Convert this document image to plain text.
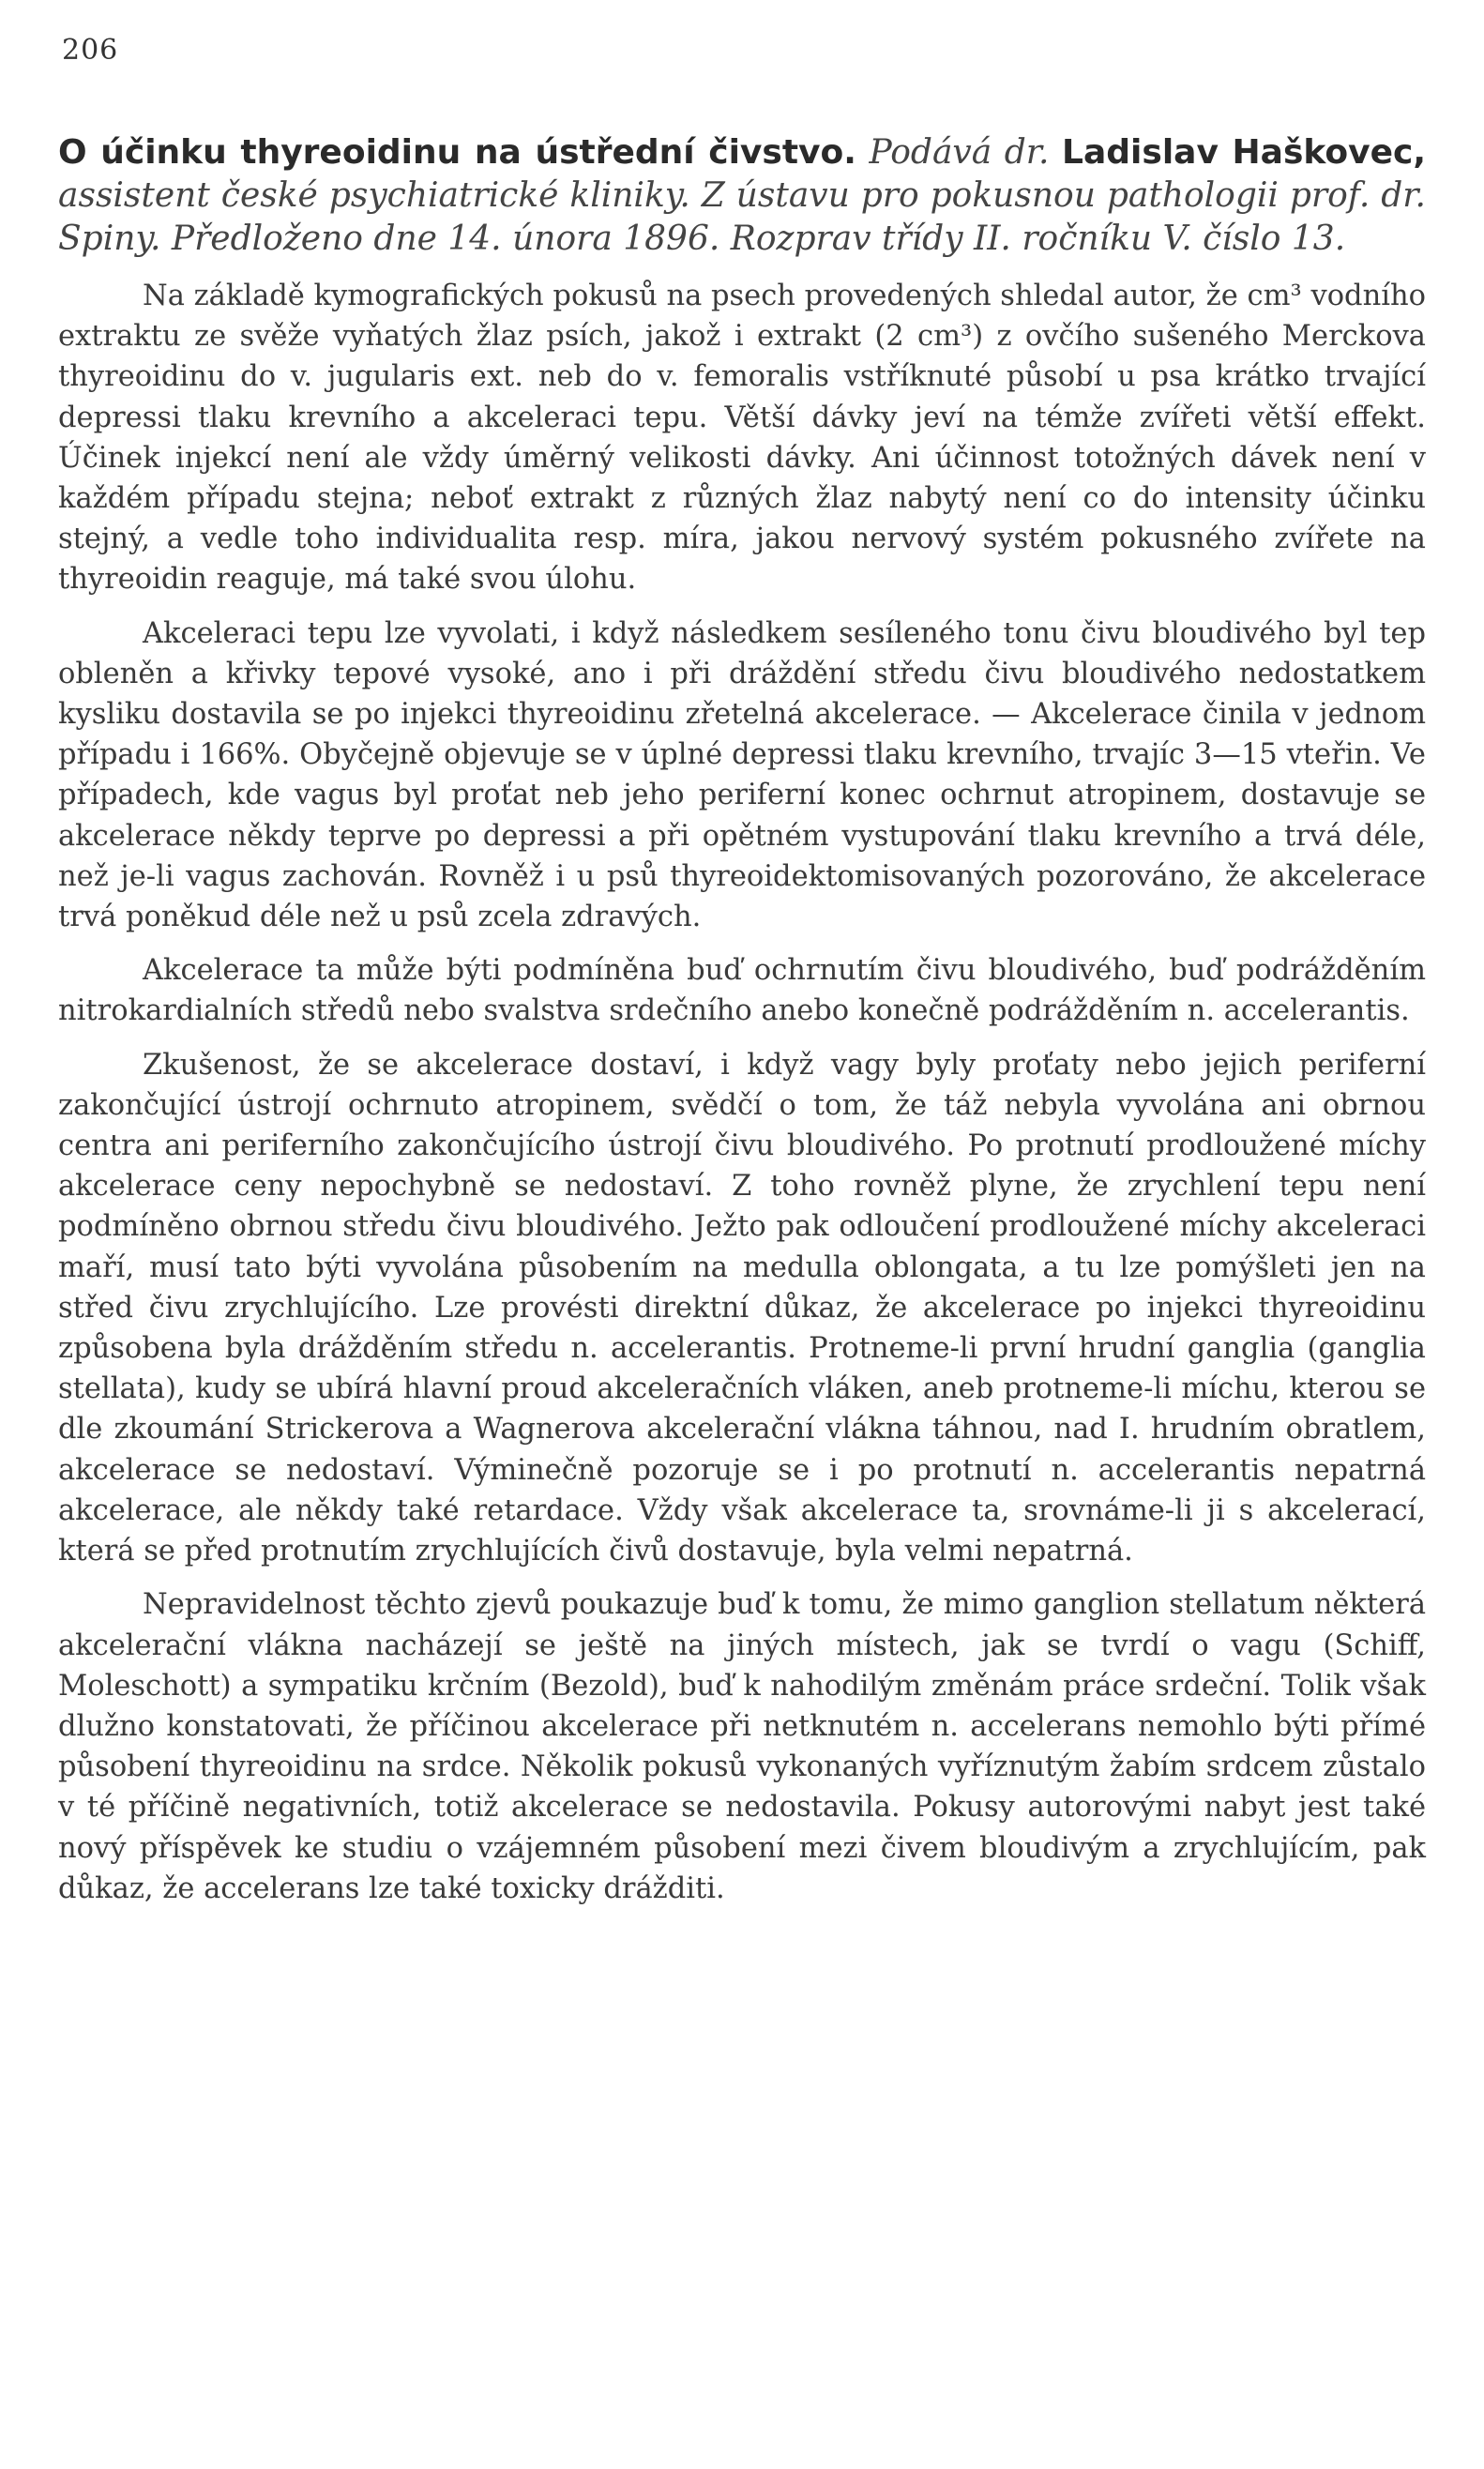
206

O účinku thyreoidinu na ústřední čivstvo. Podává dr. Ladislav Haškovec, assistent české psychiatrické kliniky. Z ústavu pro pokusnou pathologii prof. dr. Spiny. Předloženo dne 14. února 1896. Rozprav třídy II. ročníku V. číslo 13.

Na základě kymografických pokusů na psech provedených shledal autor, že cm³ vodního extraktu ze svěže vyňatých žlaz psích, jakož i extrakt (2 cm³) z ovčího sušeného Merckova thyreoidinu do v. jugularis ext. neb do v. femoralis vstříknuté působí u psa krátko trvající depressi tlaku krevního a akceleraci tepu. Větší dávky jeví na témže zvířeti větší effekt. Účinek injekcí není ale vždy úměrný velikosti dávky. Ani účinnost totožných dávek není v každém případu stejna; neboť extrakt z různých žlaz nabytý není co do intensity účinku stejný, a vedle toho individualita resp. míra, jakou nervový systém pokusného zvířete na thyreoidin reaguje, má také svou úlohu.

Akceleraci tepu lze vyvolati, i když následkem sesíleného tonu čivu bloudivého byl tep obleněn a křivky tepové vysoké, ano i při dráždění středu čivu bloudivého nedostatkem kysliku dostavila se po injekci thyreoidinu zřetelná akcelerace. — Akcelerace činila v jednom případu i 166%. Obyčejně objevuje se v úplné depressi tlaku krevního, trvajíc 3—15 vteřin. Ve případech, kde vagus byl proťat neb jeho periferní konec ochrnut atropinem, dostavuje se akcelerace někdy teprve po depressi a při opětném vystupování tlaku krevního a trvá déle, než je-li vagus zachován. Rovněž i u psů thyreoidektomisovaných pozorováno, že akcelerace trvá poněkud déle než u psů zcela zdravých.

Akcelerace ta může býti podmíněna buď ochrnutím čivu bloudivého, buď podrážděním nitrokardialních středů nebo svalstva srdečního anebo konečně podrážděním n. accelerantis.

Zkušenost, že se akcelerace dostaví, i když vagy byly proťaty nebo jejich periferní zakončující ústrojí ochrnuto atropinem, svědčí o tom, že táž nebyla vyvolána ani obrnou centra ani periferního zakončujícího ústrojí čivu bloudivého. Po protnutí prodloužené míchy akcelerace ceny nepochybně se nedostaví. Z toho rovněž plyne, že zrychlení tepu není podmíněno obrnou středu čivu bloudivého. Ježto pak odloučení prodloužené míchy akceleraci maří, musí tato býti vyvolána působením na medulla oblongata, a tu lze pomýšleti jen na střed čivu zrychlujícího. Lze provésti direktní důkaz, že akcelerace po injekci thyreoidinu způsobena byla drážděním středu n. accelerantis. Protneme-li první hrudní ganglia (ganglia stellata), kudy se ubírá hlavní proud akceleračních vláken, aneb protneme-li míchu, kterou se dle zkoumání Strickerova a Wagnerova akcelerační vlákna táhnou, nad I. hrudním obratlem, akcelerace se nedostaví. Výminečně pozoruje se i po protnutí n. accelerantis nepatrná akcelerace, ale někdy také retardace. Vždy však akcelerace ta, srovnáme-li ji s akcelerací, která se před protnutím zrychlujících čivů dostavuje, byla velmi nepatrná.

Nepravidelnost těchto zjevů poukazuje buď k tomu, že mimo ganglion stellatum některá akcelerační vlákna nacházejí se ještě na jiných místech, jak se tvrdí o vagu (Schiff, Moleschott) a sympatiku krčním (Bezold), buď k nahodilým změnám práce srdeční. Tolik však dlužno konstatovati, že příčinou akcelerace při netknutém n. accelerans nemohlo býti přímé působení thyreoidinu na srdce. Několik pokusů vykonaných vyříznutým žabím srdcem zůstalo v té příčině negativních, totiž akcelerace se nedostavila. Pokusy autorovými nabyt jest také nový příspěvek ke studiu o vzájemném působení mezi čivem bloudivým a zrychlujícím, pak důkaz, že accelerans lze také toxicky drážditi.
